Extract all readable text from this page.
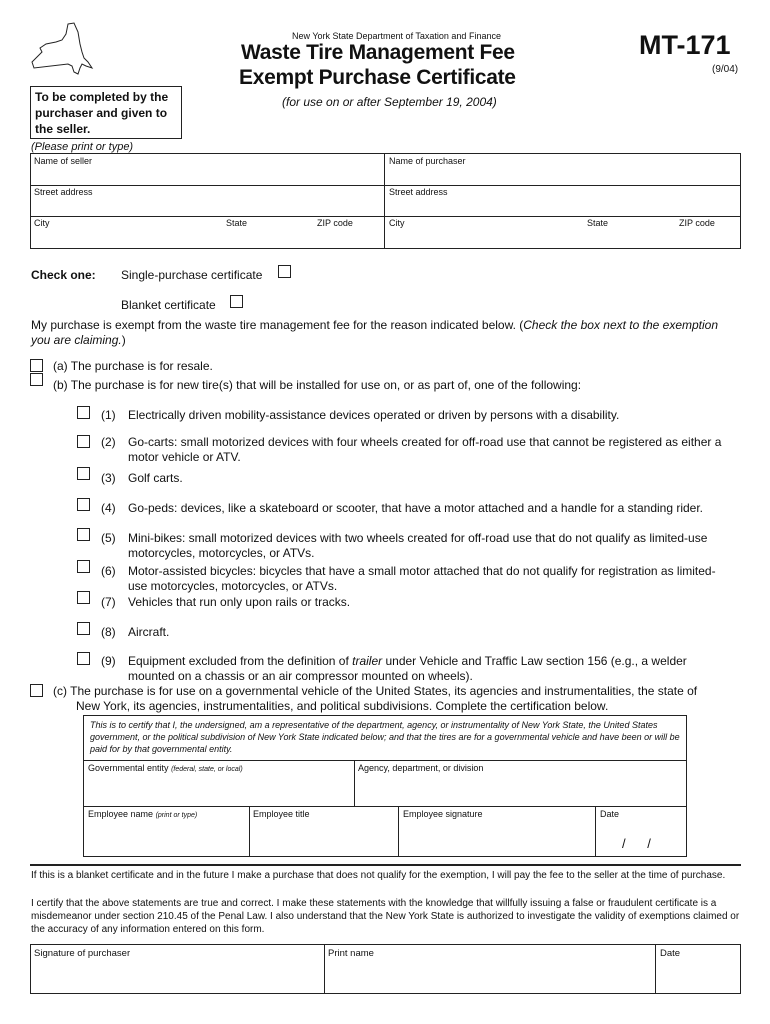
New York State Department of Taxation and Finance
Waste Tire Management Fee
Exempt Purchase Certificate
(for use on or after September 19, 2004)
MT-171
(9/04)
To be completed by the purchaser and given to the seller.
(Please print or type)
Name of seller	Name of purchaser
Street address	Street address
City	State	ZIP code	City	State	ZIP code
Check one: Single-purchase certificate
Blanket certificate
My purchase is exempt from the waste tire management fee for the reason indicated below. (Check the box next to the exemption you are claiming.)
(a) The purchase is for resale.
(b) The purchase is for new tire(s) that will be installed for use on, or as part of, one of the following:
(1) Electrically driven mobility-assistance devices operated or driven by persons with a disability.
(2) Go-carts: small motorized devices with four wheels created for off-road use that cannot be registered as either a motor vehicle or ATV.
(3) Golf carts.
(4) Go-peds: devices, like a skateboard or scooter, that have a motor attached and a handle for a standing rider.
(5) Mini-bikes: small motorized devices with two wheels created for off-road use that do not qualify as limited-use motorcycles, motorcycles, or ATVs.
(6) Motor-assisted bicycles: bicycles that have a small motor attached that do not qualify for registration as limited-use motorcycles, motorcycles, or ATVs.
(7) Vehicles that run only upon rails or tracks.
(8) Aircraft.
(9) Equipment excluded from the definition of trailer under Vehicle and Traffic Law section 156 (e.g., a welder mounted on a chassis or an air compressor mounted on wheels).
(c) The purchase is for use on a governmental vehicle of the United States, its agencies and instrumentalities, the state of
New York, its agencies, instrumentalities, and political subdivisions. Complete the certification below.
This is to certify that I, the undersigned, am a representative of the department, agency, or instrumentality of New York State, the United States government, or the political subdivision of New York State indicated below; and that the tires are for a governmental vehicle and have been or will be paid for by that governmental entity.
Governmental entity (federal, state, or local)	Agency, department, or division
Employee name (print or type)	Employee title	Employee signature	Date
/      /
If this is a blanket certificate and in the future I make a purchase that does not qualify for the exemption, I will pay the fee to the seller at the time of purchase.
I certify that the above statements are true and correct. I make these statements with the knowledge that willfully issuing a false or fraudulent certificate is a misdemeanor under section 210.45 of the Penal Law. I also understand that the New York State is authorized to investigate the validity of exemptions claimed or the accuracy of any information entered on this form.
Signature of purchaser	Print name	Date
